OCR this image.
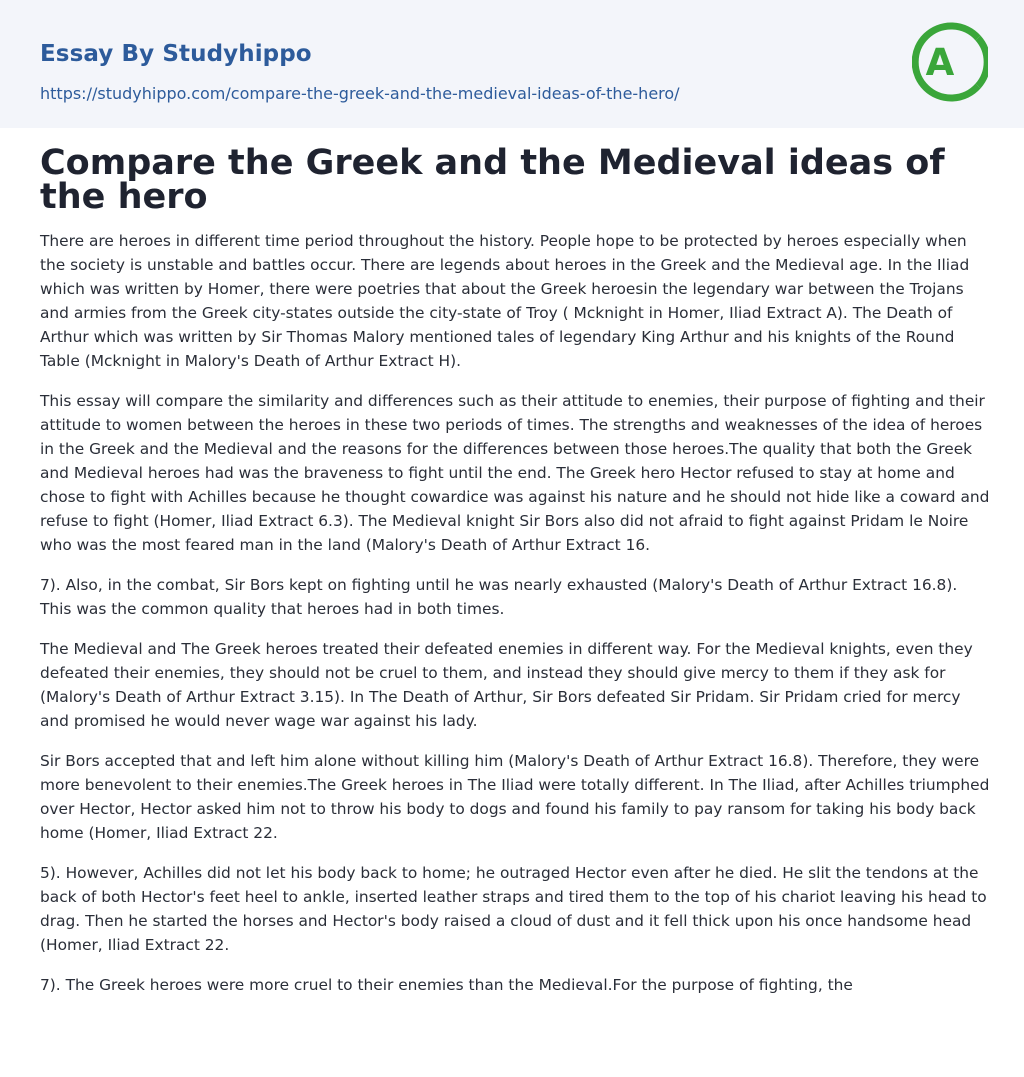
Essay By Studyhippo
https://studyhippo.com/compare-the-greek-and-the-medieval-ideas-of-the-hero/
A
Compare the Greek and the Medieval ideas of the hero

There are heroes in different time period throughout the history. People hope to be protected by heroes especially when the society is unstable and battles occur. There are legends about heroes in the Greek and the Medieval age. In the Iliad which was written by Homer, there were poetries that about the Greek heroesin the legendary war between the Trojans and armies from the Greek city-states outside the city-state of Troy ( Mcknight in Homer, Iliad Extract A). The Death of Arthur which was written by Sir Thomas Malory mentioned tales of legendary King Arthur and his knights of the Round Table (Mcknight in Malory's Death of Arthur Extract H).

This essay will compare the similarity and differences such as their attitude to enemies, their purpose of fighting and their attitude to women between the heroes in these two periods of times. The strengths and weaknesses of the idea of heroes in the Greek and the Medieval and the reasons for the differences between those heroes.The quality that both the Greek and Medieval heroes had was the braveness to fight until the end. The Greek hero Hector refused to stay at home and chose to fight with Achilles because he thought cowardice was against his nature and he should not hide like a coward and refuse to fight (Homer, Iliad Extract 6.3). The Medieval knight Sir Bors also did not afraid to fight against Pridam le Noire who was the most feared man in the land (Malory's Death of Arthur Extract 16.

7). Also, in the combat, Sir Bors kept on fighting until he was nearly exhausted (Malory's Death of Arthur Extract 16.8). This was the common quality that heroes had in both times.

The Medieval and The Greek heroes treated their defeated enemies in different way. For the Medieval knights, even they defeated their enemies, they should not be cruel to them, and instead they should give mercy to them if they ask for (Malory's Death of Arthur Extract 3.15). In The Death of Arthur, Sir Bors defeated Sir Pridam. Sir Pridam cried for mercy and promised he would never wage war against his lady.

Sir Bors accepted that and left him alone without killing him (Malory's Death of Arthur Extract 16.8). Therefore, they were more benevolent to their enemies.The Greek heroes in The Iliad were totally different. In The Iliad, after Achilles triumphed over Hector, Hector asked him not to throw his body to dogs and found his family to pay ransom for taking his body back home (Homer, Iliad Extract 22.

5). However, Achilles did not let his body back to home; he outraged Hector even after he died. He slit the tendons at the back of both Hector's feet heel to ankle, inserted leather straps and tired them to the top of his chariot leaving his head to drag. Then he started the horses and Hector's body raised a cloud of dust and it fell thick upon his once handsome head (Homer, Iliad Extract 22.

7). The Greek heroes were more cruel to their enemies than the Medieval.For the purpose of fighting, the
